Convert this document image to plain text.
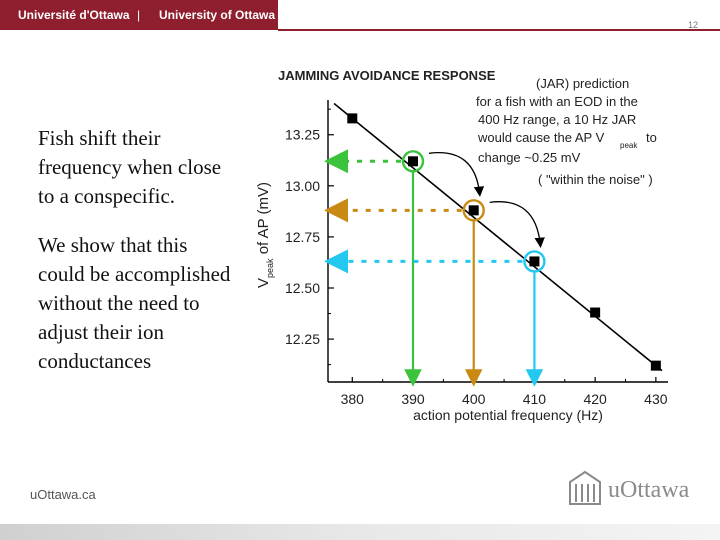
Université d'Ottawa | University of Ottawa
12

Fish shift their frequency when close to a conspecific.

We show that this could be accomplished without the need to adjust their ion conductances

JAMMING AVOIDANCE RESPONSE
12.25
12.50
12.75
13.00
13.25
380	390	400	410	420	430
action potential frequency (Hz)
$V_{peak}$ of AP (mV)
(JAR) prediction
for a fish with an EOD in the
400 Hz range, a 10 Hz JAR
would cause the AP V
peak
to
change ~0.25 mV
( "within the noise" )
uOttawa.ca	uOttawa
